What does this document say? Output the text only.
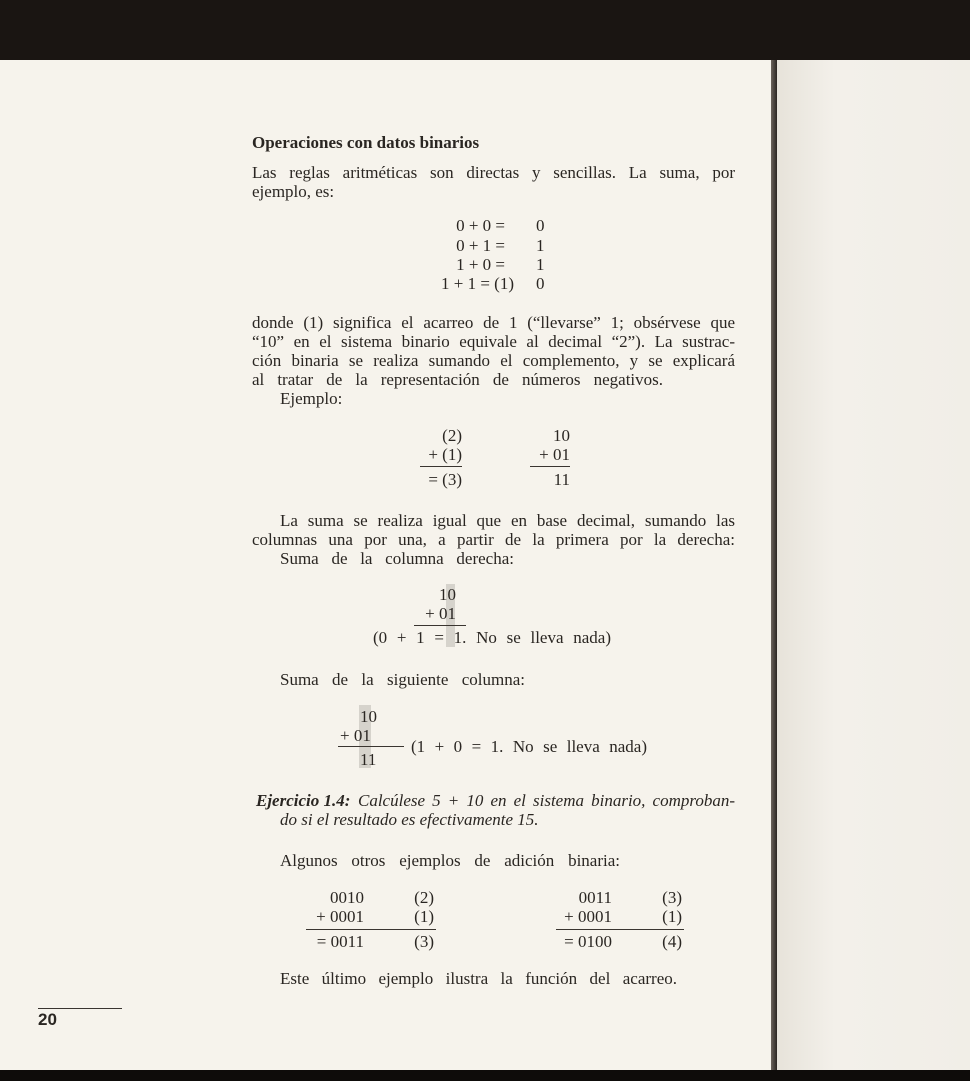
Operaciones con datos binarios
Las reglas aritméticas son directas y sencillas. La suma, por
ejemplo, es:
0 + 0 = 0
0 + 1 = 1
1 + 0 = 1
1 + 1 = (1) 0
donde (1) significa el acarreo de 1 (“llevarse” 1; obsérvese que
“10” en el sistema binario equivale al decimal “2”). La sustrac-
ción binaria se realiza sumando el complemento, y se explicará
al tratar de la representación de números negativos.
Ejemplo:
(2)
+ (1)
= (3)
10
+ 01
11
La suma se realiza igual que en base decimal, sumando las
columnas una por una, a partir de la primera por la derecha:
Suma de la columna derecha:
10
+ 01
(0 + 1 = 1. No se lleva nada)
Suma de la siguiente columna:
10
+ 01
(1 + 0 = 1. No se lleva nada)
11
Ejercicio 1.4: Calcúlese 5 + 10 en el sistema binario, comproban-
do si el resultado es efectivamente 15.
Algunos otros ejemplos de adición binaria:
0010
+ 0001
= 0011
(2)
(1)
(3)
0011
+ 0001
= 0100
(3)
(1)
(4)
Este último ejemplo ilustra la función del acarreo.
20
